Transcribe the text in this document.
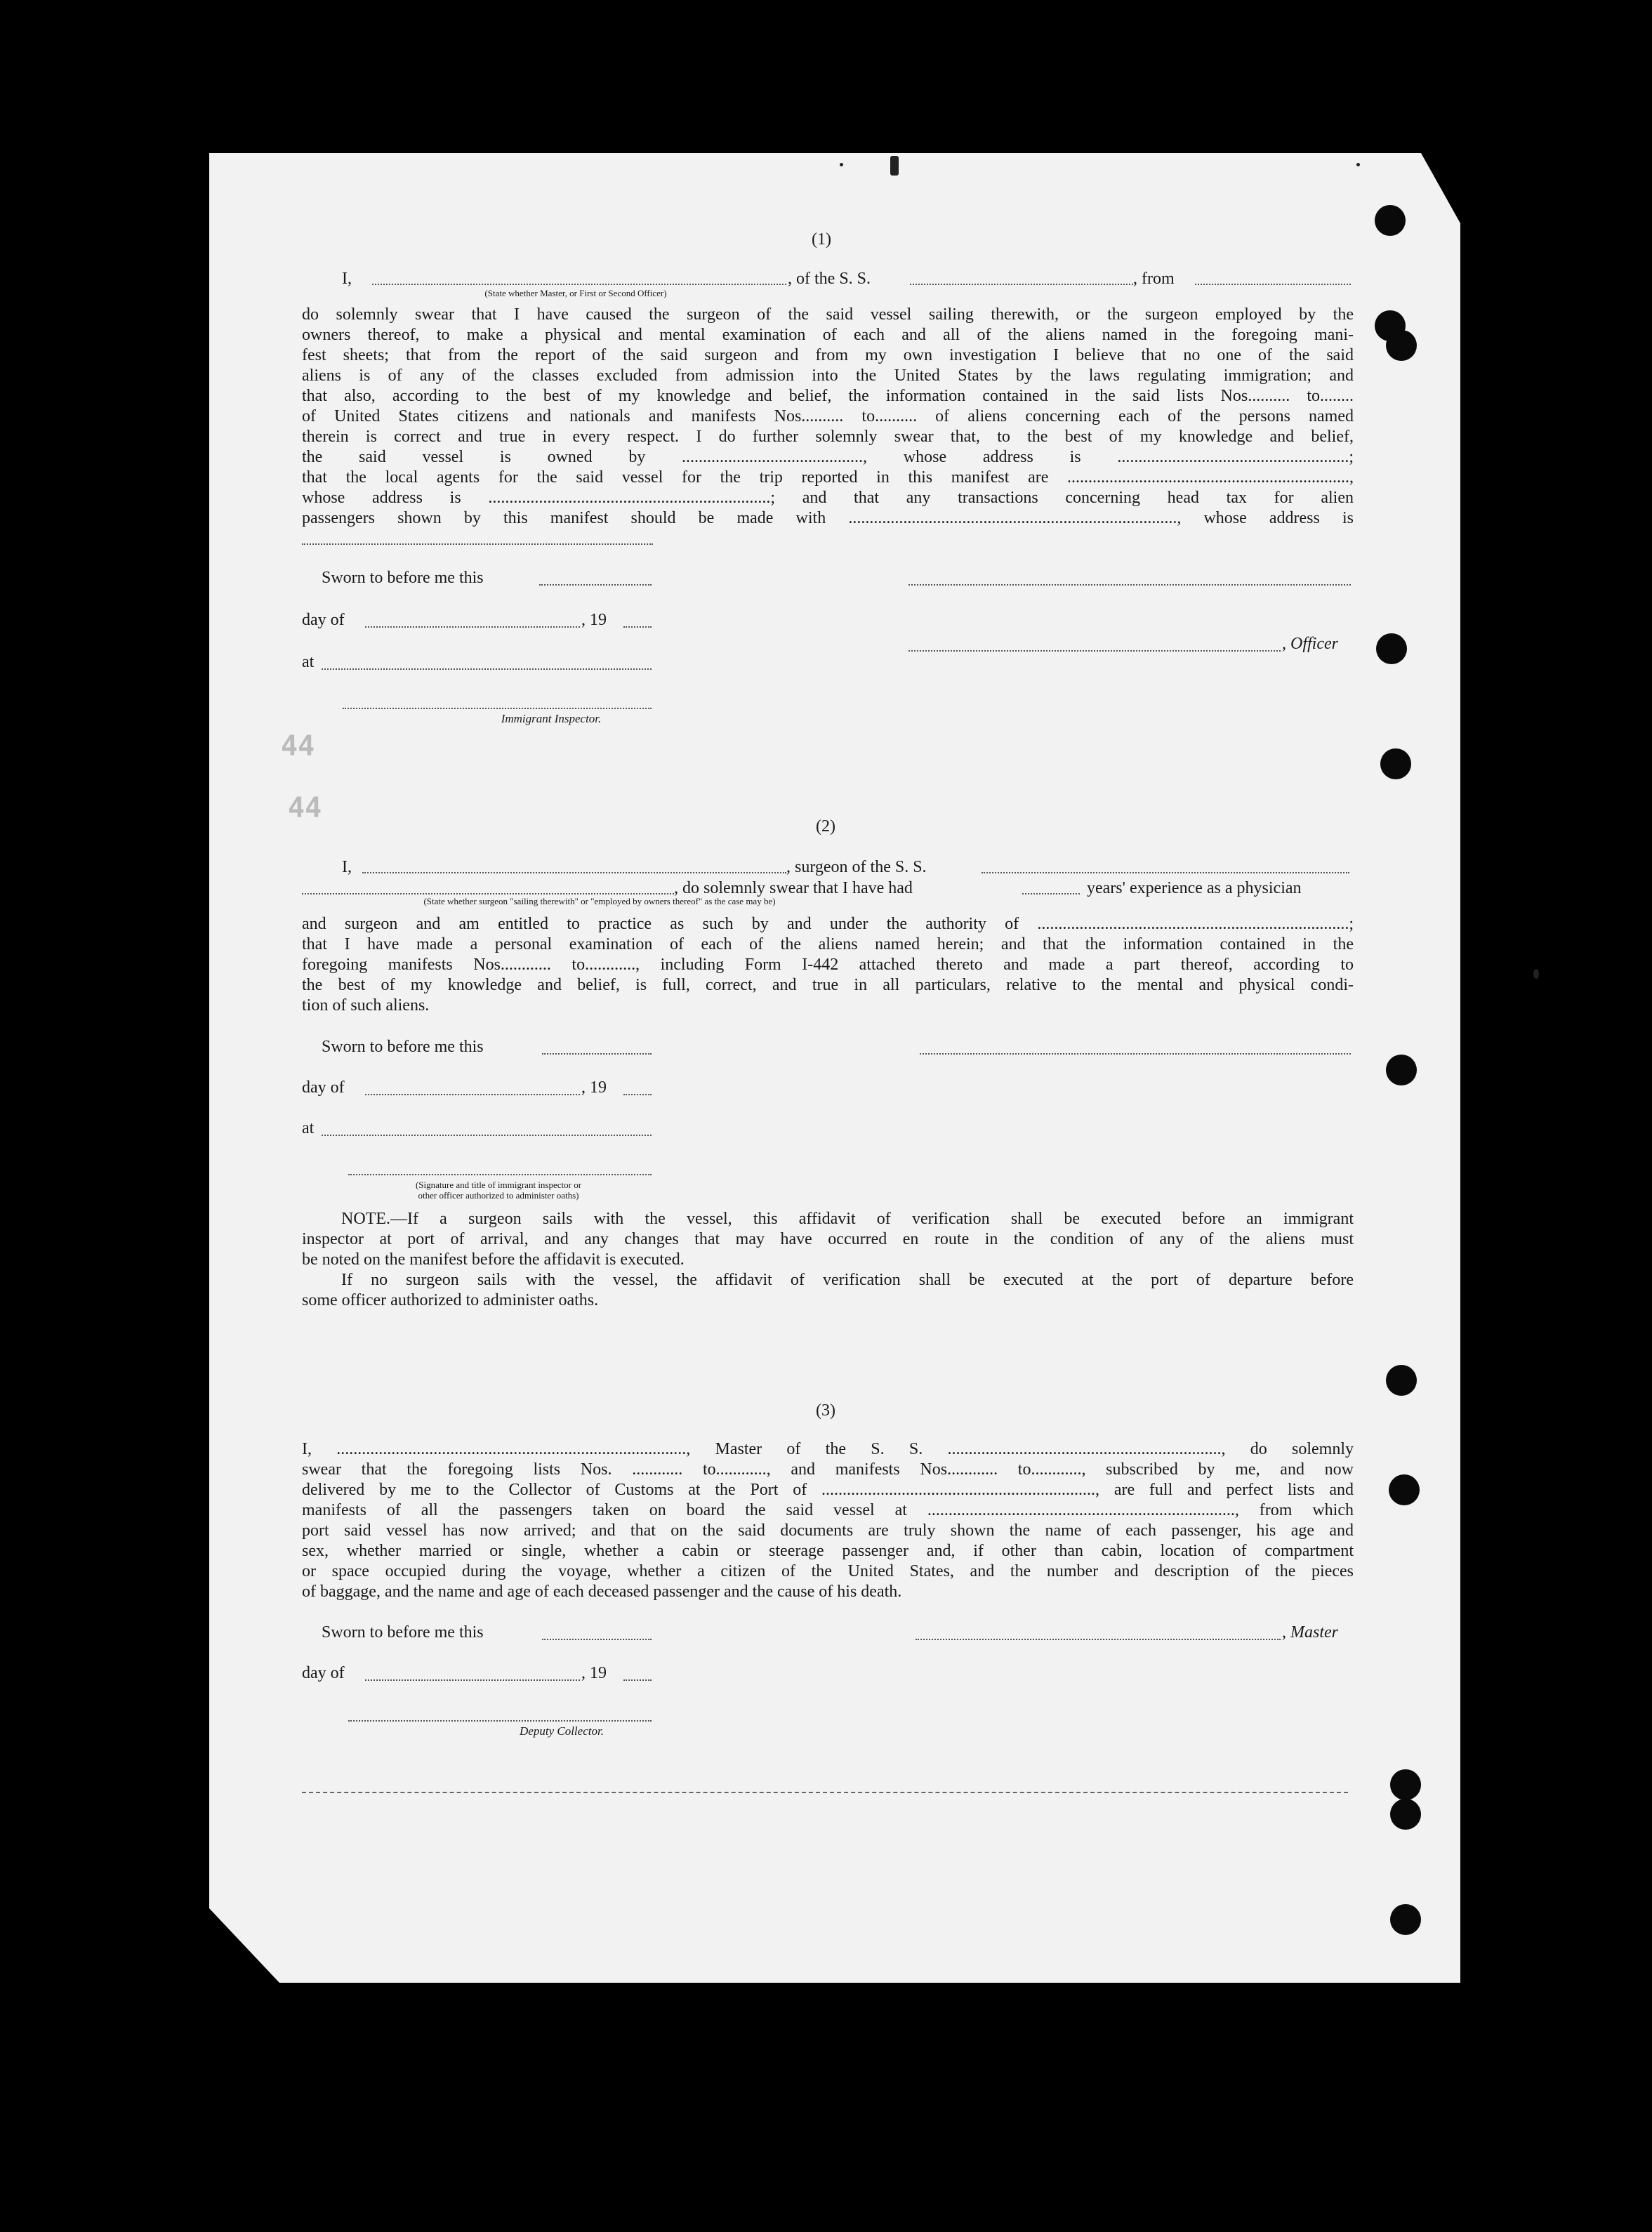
44
44
(1)
I,	, of the S. S.	, from
(State whether Master, or First or Second Officer)
do solemnly swear that I have caused the surgeon of the said vessel sailing therewith, or the surgeon employed by the
owners thereof, to make a physical and mental examination of each and all of the aliens named in the foregoing mani-
fest sheets; that from the report of the said surgeon and from my own investigation I believe that no one of the said
aliens is of any of the classes excluded from admission into the United States by the laws regulating immigration; and
that also, according to the best of my knowledge and belief, the information contained in the said lists Nos.......... to........
of United States citizens and nationals and manifests Nos.......... to.......... of aliens concerning each of the persons named
therein is correct and true in every respect. I do further solemnly swear that, to the best of my knowledge and belief,
the said vessel is owned by ..........................................., whose address is .......................................................;
that the local agents for the said vessel for the trip reported in this manifest are ...................................................................,
whose address is ...................................................................; and that any transactions concerning head tax for alien
passengers shown by this manifest should be made with .............................................................................., whose address is
Sworn to before me this
day of	, 19
, Officer
at
Immigrant Inspector.
(2)
I,	, surgeon of the S. S.
, do solemnly swear that I have had	years' experience as a physician
(State whether surgeon "sailing therewith" or "employed by owners thereof" as the case may be)
and surgeon and am entitled to practice as such by and under the authority of ..........................................................................;
that I have made a personal examination of each of the aliens named herein; and that the information contained in the
foregoing manifests Nos............ to............, including Form I-442 attached thereto and made a part thereof, according to
the best of my knowledge and belief, is full, correct, and true in all particulars, relative to the mental and physical condi-
tion of such aliens.
Sworn to before me this
day of	, 19
at
(Signature and title of immigrant inspector or
other officer authorized to administer oaths)
NOTE.—If a surgeon sails with the vessel, this affidavit of verification shall be executed before an immigrant
inspector at port of arrival, and any changes that may have occurred en route in the condition of any of the aliens must
be noted on the manifest before the affidavit is executed.
If no surgeon sails with the vessel, the affidavit of verification shall be executed at the port of departure before
some officer authorized to administer oaths.
(3)
I, ..................................................................................., Master of the S. S. ................................................................., do solemnly
swear that the foregoing lists Nos. ............ to............, and manifests Nos............ to............, subscribed by me, and now
delivered by me to the Collector of Customs at the Port of ................................................................., are full and perfect lists and
manifests of all the passengers taken on board the said vessel at ........................................................................., from which
port said vessel has now arrived; and that on the said documents are truly shown the name of each passenger, his age and
sex, whether married or single, whether a cabin or steerage passenger and, if other than cabin, location of compartment
or space occupied during the voyage, whether a citizen of the United States, and the number and description of the pieces
of baggage, and the name and age of each deceased passenger and the cause of his death.
Sworn to before me this	, Master
day of	, 19
Deputy Collector.
